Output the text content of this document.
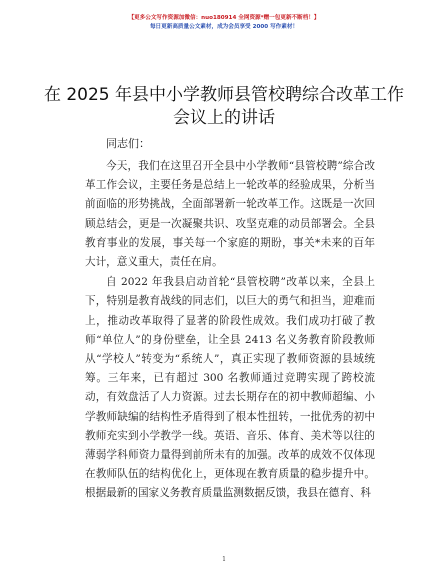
【更多公文写作资源加微信：nuo180914 全网资源*赠一包更新不断档！】
每日更新高质量公文素材，成为会员享受 2000 写作素材！
在 2025 年县中小学教师县管校聘综合改革工作会议上的讲话
同志们：

今天，我们在这里召开全县中小学教师“县管校聘”综合改革工作会议，主要任务是总结上一轮改革的经验成果，分析当前面临的形势挑战，全面部署新一轮改革工作。这既是一次回顾总结会，更是一次凝聚共识、攻坚克难的动员部署会。全县教育事业的发展，事关每一个家庭的期盼，事关*未来的百年大计，意义重大，责任在肩。

自 2022 年我县启动首轮“县管校聘”改革以来，全县上下，特别是教育战线的同志们，以巨大的勇气和担当，迎难而上，推动改革取得了显著的阶段性成效。我们成功打破了教师“单位人”的身份壁垒，让全县 2413 名义务教育阶段教师从“学校人”转变为“系统人”，真正实现了教师资源的县域统筹。三年来，已有超过 300 名教师通过竞聘实现了跨校流动，有效盘活了人力资源。过去长期存在的初中教师超编、小学教师缺编的结构性矛盾得到了根本性扭转，一批优秀的初中教师充实到小学教学一线。英语、音乐、体育、美术等以往的薄弱学科师资力量得到前所未有的加强。改革的成效不仅体现在教师队伍的结构优化上，更体现在教育质量的稳步提升中。根据最新的国家义务教育质量监测数据反馈，我县在德育、科

1
